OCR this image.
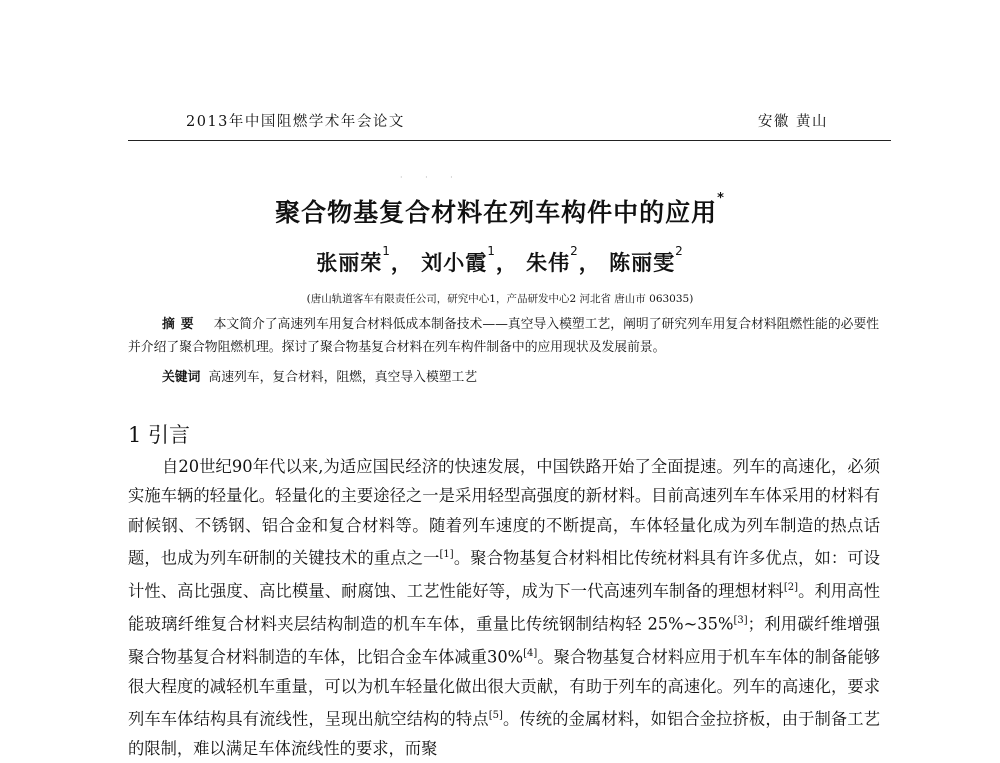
2013年中国阻燃学术年会论文	安徽 黄山
· · ·
聚合物基复合材料在列车构件中的应用*
张丽荣$^1$， 刘小霞$^1$， 朱伟$^2$， 陈丽雯$^2$
(唐山轨道客车有限责任公司，研究中心1，产品研发中心2 河北省 唐山市 063035)
摘要 本文简介了高速列车用复合材料低成本制备技术——真空导入模塑工艺，阐明了研究列车用复合材料阻燃性能的必要性并介绍了聚合物阻燃机理。探讨了聚合物基复合材料在列车构件制备中的应用现状及发展前景。
关键词 高速列车，复合材料，阻燃，真空导入模塑工艺
1 引言

自20世纪90年代以来,为适应国民经济的快速发展，中国铁路开始了全面提速。列车的高速化，必须实施车辆的轻量化。轻量化的主要途径之一是采用轻型高强度的新材料。目前高速列车车体采用的材料有耐候钢、不锈钢、铝合金和复合材料等。随着列车速度的不断提高，车体轻量化成为列车制造的热点话题，也成为列车研制的关键技术的重点之一[1]。聚合物基复合材料相比传统材料具有许多优点，如：可设计性、高比强度、高比模量、耐腐蚀、工艺性能好等，成为下一代高速列车制备的理想材料[2]。利用高性能玻璃纤维复合材料夹层结构制造的机车车体，重量比传统钢制结构轻 25%~35%[3]；利用碳纤维增强聚合物基复合材料制造的车体，比铝合金车体减重30%[4]。聚合物基复合材料应用于机车车体的制备能够很大程度的减轻机车重量，可以为机车轻量化做出很大贡献，有助于列车的高速化。列车的高速化，要求列车车体结构具有流线性，呈现出航空结构的特点[5]。传统的金属材料，如铝合金拉挤板，由于制备工艺的限制，难以满足车体流线性的要求，而聚
